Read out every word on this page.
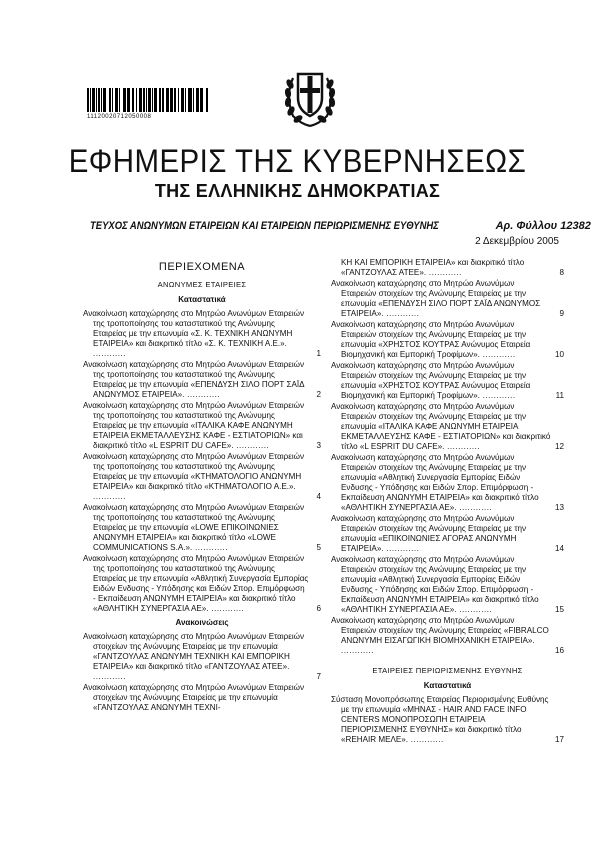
11120020712050008
ΕΦΗΜΕΡΙΣ ΤΗΣ ΚΥΒΕΡΝΗΣΕΩΣ
ΤΗΣ ΕΛΛΗΝΙΚΗΣ ΔΗΜΟΚΡΑΤΙΑΣ
ΤΕΥΧΟΣ ΑΝΩΝΥΜΩΝ ΕΤΑΙΡΕΙΩΝ ΚΑΙ ΕΤΑΙΡΕΙΩΝ ΠΕΡΙΩΡΙΣΜΕΝΗΣ ΕΥΘΥΝΗΣ	Αρ. Φύλλου 12382
2 Δεκεμβρίου 2005
ΠΕΡΙΕΧΟΜΕΝΑ
ΑΝΩΝΥΜΕΣ ΕΤΑΙΡΕΙΕΣ
Καταστατικά
Ανακοίνωση καταχώρησης στο Μητρώο Ανωνύμων Εταιρειών της τροποποίησης του καταστατικού της Ανώνυμης Εταιρείας με την επωνυμία «Σ. Κ. ΤΕΧΝΙΚΗ ΑΝΩΝΥΜΗ ΕΤΑΙΡΕΙΑ» και διακριτικό τίτλο «Σ. Κ. ΤΕΧΝΙΚΗ Α.Ε.». ............	1
Ανακοίνωση καταχώρησης στο Μητρώο Ανωνύμων Εταιρειών της τροποποίησης του καταστατικού της Ανώνυμης Εταιρείας με την επωνυμία «ΕΠΕΝΔΥΣΗ ΣΙΛΟ ΠΟΡΤ ΣΑΪΔ ΑΝΩΝΥΜΟΣ ΕΤΑΙΡΕΙΑ». ............	2
Ανακοίνωση καταχώρησης στο Μητρώο Ανωνύμων Εταιρειών της τροποποίησης του καταστατικού της Ανώνυμης Εταιρείας με την επωνυμία «ΙΤΑΛΙΚΑ ΚΑΦΕ ΑΝΩΝΥΜΗ ΕΤΑΙΡΕΙΑ ΕΚΜΕΤΑΛΛΕΥΣΗΣ ΚΑΦΕ - ΕΣΤΙΑΤΟΡΙΩΝ» και διακριτικό τίτλο «L ESPRIT DU CAFE». ............	3
Ανακοίνωση καταχώρησης στο Μητρώο Ανωνύμων Εταιρειών της τροποποίησης του καταστατικού της Ανώνυμης Εταιρείας με την επωνυμία «ΚΤΗΜΑΤΟΛΟΓΙΟ ΑΝΩΝΥΜΗ ΕΤΑΙΡΕΙΑ» και διακριτικό τίτλο «ΚΤΗΜΑΤΟΛΟΓΙΟ Α.Ε.». ............	4
Ανακοίνωση καταχώρησης στο Μητρώο Ανωνύμων Εταιρειών της τροποποίησης του καταστατικού της Ανώνυμης Εταιρείας με την επωνυμία «LOWE ΕΠΙΚΟΙΝΩΝΙΕΣ ΑΝΩΝΥΜΗ ΕΤΑΙΡΕΙΑ» και διακριτικό τίτλο «LOWE COMMUNICATIONS S.A.». ............	5
Ανακοίνωση καταχώρησης στο Μητρώο Ανωνύμων Εταιρειών της τροποποίησης του καταστατικού της Ανώνυμης Εταιρείας με την επωνυμία «Αθλητική Συνεργασία Εμπορίας Ειδών Ενδυσης - Υπόδησης και Ειδών Σπορ. Επιμόρφωση - Εκπαίδευση ΑΝΩΝΥΜΗ ΕΤΑΙΡΕΙΑ» και διακριτικό τίτλο «ΑΘΛΗΤΙΚΗ ΣΥΝΕΡΓΑΣΙΑ ΑΕ». ............	6
Ανακοινώσεις
Ανακοίνωση καταχώρησης στο Μητρώο Ανωνύμων Εταιρειών στοιχείων της Ανώνυμης Εταιρείας με την επωνυμία «ΓΑΝΤΖΟΥΛΑΣ ΑΝΩΝΥΜΗ ΤΕΧΝΙΚΗ ΚΑΙ ΕΜΠΟΡΙΚΗ ΕΤΑΙΡΕΙΑ» και διακριτικό τίτλο «ΓΑΝΤΖΟΥΛΑΣ ΑΤΕΕ». ............	7
Ανακοίνωση καταχώρησης στο Μητρώο Ανωνύμων Εταιρειών στοιχείων της Ανώνυμης Εταιρείας με την επωνυμία «ΓΑΝΤΖΟΥΛΑΣ ΑΝΩΝΥΜΗ ΤΕΧΝΙ-
ΚΗ ΚΑΙ ΕΜΠΟΡΙΚΗ ΕΤΑΙΡΕΙΑ» και διακριτικό τίτλο «ΓΑΝΤΖΟΥΛΑΣ ΑΤΕΕ». ............	8
Ανακοίνωση καταχώρησης στο Μητρώο Ανωνύμων Εταιρειών στοιχείων της Ανώνυμης Εταιρείας με την επωνυμία «ΕΠΕΝΔΥΣΗ ΣΙΛΟ ΠΟΡΤ ΣΑΪΔ ΑΝΩΝΥΜΟΣ ΕΤΑΙΡΕΙΑ». ............	9
Ανακοίνωση καταχώρησης στο Μητρώο Ανωνύμων Εταιρειών στοιχείων της Ανώνυμης Εταιρείας με την επωνυμία «ΧΡΗΣΤΟΣ ΚΟΥΤΡΑΣ Ανώνυμος Εταιρεία Βιομηχανική και Εμπορική Τροφίμων». ............	10
Ανακοίνωση καταχώρησης στο Μητρώο Ανωνύμων Εταιρειών στοιχείων της Ανώνυμης Εταιρείας με την επωνυμία «ΧΡΗΣΤΟΣ ΚΟΥΤΡΑΣ Ανώνυμος Εταιρεία Βιομηχανική και Εμπορική Τροφίμων». ............	11
Ανακοίνωση καταχώρησης στο Μητρώο Ανωνύμων Εταιρειών στοιχείων της Ανώνυμης Εταιρείας με την επωνυμία «ΙΤΑΛΙΚΑ ΚΑΦΕ ΑΝΩΝΥΜΗ ΕΤΑΙΡΕΙΑ ΕΚΜΕΤΑΛΛΕΥΣΗΣ ΚΑΦΕ - ΕΣΤΙΑΤΟΡΙΩΝ» και διακριτικό τίτλο «L ESPRIT DU CAFE». ............	12
Ανακοίνωση καταχώρησης στο Μητρώο Ανωνύμων Εταιρειών στοιχείων της Ανώνυμης Εταιρείας με την επωνυμία «Αθλητική Συνεργασία Εμπορίας Ειδών Ενδυσης - Υπόδησης και Ειδών Σπορ. Επιμόρφωση - Εκπαίδευση ΑΝΩΝΥΜΗ ΕΤΑΙΡΕΙΑ» και διακριτικό τίτλο «ΑΘΛΗΤΙΚΗ ΣΥΝΕΡΓΑΣΙΑ ΑΕ». ............	13
Ανακοίνωση καταχώρησης στο Μητρώο Ανωνύμων Εταιρειών στοιχείων της Ανώνυμης Εταιρείας με την επωνυμία «ΕΠΙΚΟΙΝΩΝΙΕΣ ΑΓΟΡΑΣ ΑΝΩΝΥΜΗ ΕΤΑΙΡΕΙΑ». ............	14
Ανακοίνωση καταχώρησης στο Μητρώο Ανωνύμων Εταιρειών στοιχείων της Ανώνυμης Εταιρείας με την επωνυμία «Αθλητική Συνεργασία Εμπορίας Ειδών Ενδυσης - Υπόδησης και Ειδών Σπορ. Επιμόρφωση - Εκπαίδευση ΑΝΩΝΥΜΗ ΕΤΑΙΡΕΙΑ» και διακριτικό τίτλο «ΑΘΛΗΤΙΚΗ ΣΥΝΕΡΓΑΣΙΑ ΑΕ». ............	15
Ανακοίνωση καταχώρησης στο Μητρώο Ανωνύμων Εταιρειών στοιχείων της Ανώνυμης Εταιρείας «FIBRALCO ΑΝΩΝΥΜΗ ΕΙΣΑΓΩΓΙΚΗ ΒΙΟΜΗΧΑΝΙΚΗ ΕΤΑΙΡΕΙΑ». ............	16
ΕΤΑΙΡΕΙΕΣ ΠΕΡΙΩΡΙΣΜΕΝΗΣ ΕΥΘΥΝΗΣ
Καταστατικά
Σύσταση Μονοπρόσωπης Εταιρείας Περιορισμένης Ευθύνης με την επωνυμία «ΜΗΝΑΣ - HAIR AND FACE INFO CENTERS ΜΟΝΟΠΡΟΣΩΠΗ ΕΤΑΙΡΕΙΑ ΠΕΡΙΟΡΙΣΜΕΝΗΣ ΕΥΘΥΝΗΣ» και διακριτικό τίτλο «REHAIR ΜΕΛΕ». ............	17
